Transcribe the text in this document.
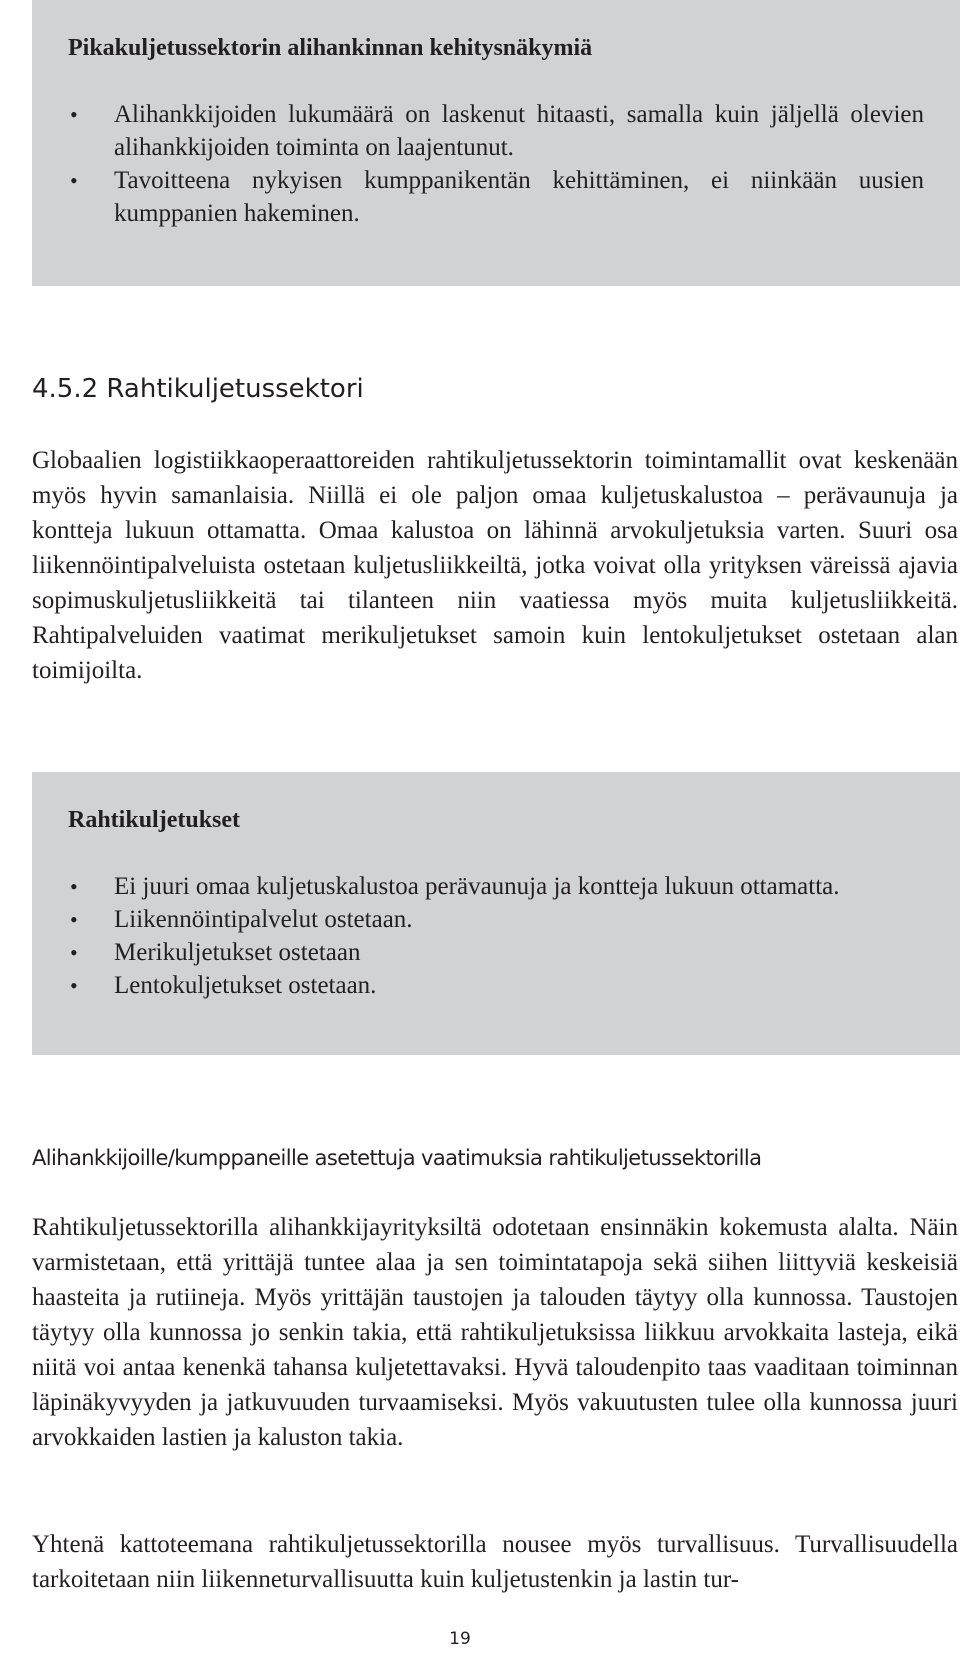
Pikakuljetussektorin alihankinnan kehitysnäkymiä
• Alihankkijoiden lukumäärä on laskenut hitaasti, samalla kuin jäljellä olevien alihankkijoiden toiminta on laajentunut.
• Tavoitteena nykyisen kumppanikentän kehittäminen, ei niinkään uusien kumppanien hakeminen.
4.5.2 Rahtikuljetussektori

Globaalien logistiikkaoperaattoreiden rahtikuljetussektorin toimintamallit ovat keskenään myös hyvin samanlaisia. Niillä ei ole paljon omaa kuljetuskalustoa – perävaunuja ja kontteja lukuun ottamatta. Omaa kalustoa on lähinnä arvokuljetuksia varten. Suuri osa liikennöintipalveluista ostetaan kuljetusliikkeiltä, jotka voivat olla yrityksen väreissä ajavia sopimuskuljetusliikkeitä tai tilanteen niin vaatiessa myös muita kuljetusliikkeitä. Rahtipalveluiden vaatimat merikuljetukset samoin kuin lentokuljetukset ostetaan alan toimijoilta.

Rahtikuljetukset
• Ei juuri omaa kuljetuskalustoa perävaunuja ja kontteja lukuun ottamatta.
• Liikennöintipalvelut ostetaan.
• Merikuljetukset ostetaan
• Lentokuljetukset ostetaan.
Alihankkijoille/kumppaneille asetettuja vaatimuksia rahtikuljetussektorilla

Rahtikuljetussektorilla alihankkijayrityksiltä odotetaan ensinnäkin kokemusta alalta. Näin varmistetaan, että yrittäjä tuntee alaa ja sen toimintatapoja sekä siihen liittyviä keskeisiä haasteita ja rutiineja. Myös yrittäjän taustojen ja talouden täytyy olla kunnossa. Taustojen täytyy olla kunnossa jo senkin takia, että rahtikuljetuksissa liikkuu arvokkaita lasteja, eikä niitä voi antaa kenenkä tahansa kuljetettavaksi. Hyvä taloudenpito taas vaaditaan toiminnan läpinäkyvyyden ja jatkuvuuden turvaamiseksi. Myös vakuutusten tulee olla kunnossa juuri arvokkaiden lastien ja kaluston takia.

Yhtenä kattoteemana rahtikuljetussektorilla nousee myös turvallisuus. Turvallisuudella tarkoitetaan niin liikenneturvallisuutta kuin kuljetustenkin ja lastin tur-

19
